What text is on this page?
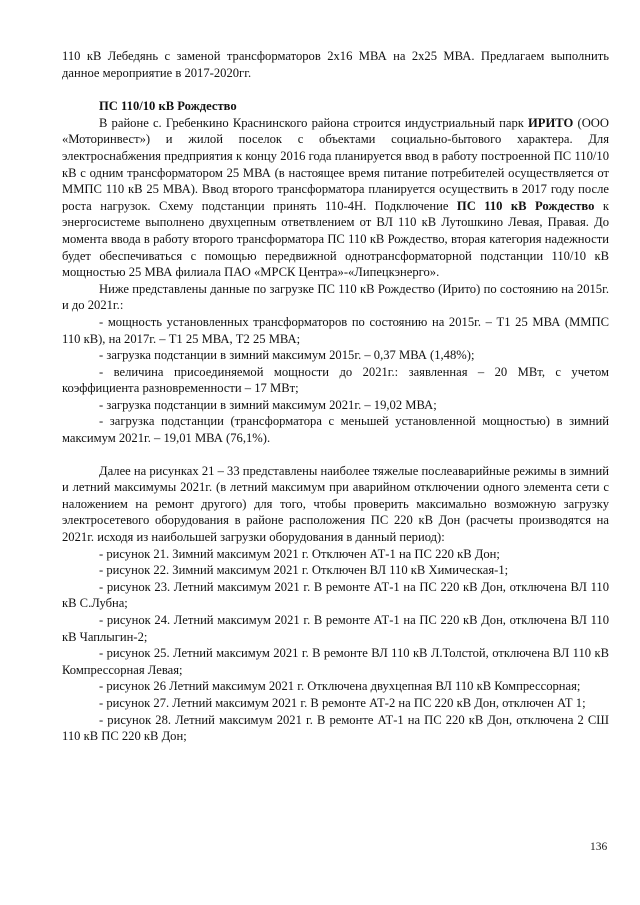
110 кВ Лебедянь с заменой трансформаторов 2х16 МВА на 2х25 МВА. Предлагаем выполнить данное мероприятие в 2017-2020гг.

ПС 110/10 кВ Рождество

В районе с. Гребенкино Краснинского района строится индустриальный парк ИРИТО (ООО «Моторинвест») и жилой поселок с объектами социально-бытового характера. Для электроснабжения предприятия к концу 2016 года планируется ввод в работу построенной ПС 110/10 кВ с одним трансформатором 25 МВА (в настоящее время питание потребителей осуществляется от ММПС 110 кВ 25 МВА). Ввод второго трансформатора планируется осуществить в 2017 году после роста нагрузок. Схему подстанции принять 110-4Н. Подключение ПС 110 кВ Рождество к энергосистеме выполнено двухцепным ответвлением от ВЛ 110 кВ Лутошкино Левая, Правая. До момента ввода в работу второго трансформатора ПС 110 кВ Рождество, вторая категория надежности будет обеспечиваться с помощью передвижной однотрансформаторной подстанции 110/10 кВ мощностью 25 МВА филиала ПАО «МРСК Центра»-«Липецкэнерго».

Ниже представлены данные по загрузке ПС 110 кВ Рождество (Ирито) по состоянию на 2015г. и до 2021г.:

- мощность установленных трансформаторов по состоянию на 2015г. – Т1 25 МВА (ММПС 110 кВ), на 2017г. – Т1 25 МВА, Т2 25 МВА;

- загрузка подстанции в зимний максимум 2015г. – 0,37 МВА (1,48%);

- величина присоединяемой мощности до 2021г.: заявленная – 20 МВт, с учетом коэффициента разновременности – 17 МВт;

- загрузка подстанции в зимний максимум 2021г. – 19,02 МВА;

- загрузка подстанции (трансформатора с меньшей установленной мощностью) в зимний максимум 2021г. – 19,01 МВА (76,1%).

Далее на рисунках 21 – 33 представлены наиболее тяжелые послеаварийные режимы в зимний и летний максимумы 2021г. (в летний максимум при аварийном отключении одного элемента сети с наложением на ремонт другого) для того, чтобы проверить максимально возможную загрузку электросетевого оборудования в районе расположения ПС 220 кВ Дон (расчеты производятся на 2021г. исходя из наибольшей загрузки оборудования в данный период):

- рисунок 21. Зимний максимум 2021 г. Отключен АТ-1 на ПС 220 кВ Дон;

- рисунок 22. Зимний максимум 2021 г. Отключен ВЛ 110 кВ Химическая-1;

- рисунок 23. Летний максимум 2021 г. В ремонте АТ-1 на ПС 220 кВ Дон, отключена ВЛ 110 кВ С.Лубна;

- рисунок 24. Летний максимум 2021 г. В ремонте АТ-1 на ПС 220 кВ Дон, отключена ВЛ 110 кВ Чаплыгин-2;

- рисунок 25. Летний максимум 2021 г. В ремонте ВЛ 110 кВ Л.Толстой, отключена ВЛ 110 кВ Компрессорная Левая;

- рисунок 26 Летний максимум 2021 г. Отключена двухцепная ВЛ 110 кВ Компрессорная;

- рисунок 27. Летний максимум 2021 г. В ремонте АТ-2 на ПС 220 кВ Дон, отключен АТ 1;

- рисунок 28. Летний максимум 2021 г. В ремонте АТ-1 на ПС 220 кВ Дон, отключена 2 СШ 110 кВ ПС 220 кВ Дон;

136
